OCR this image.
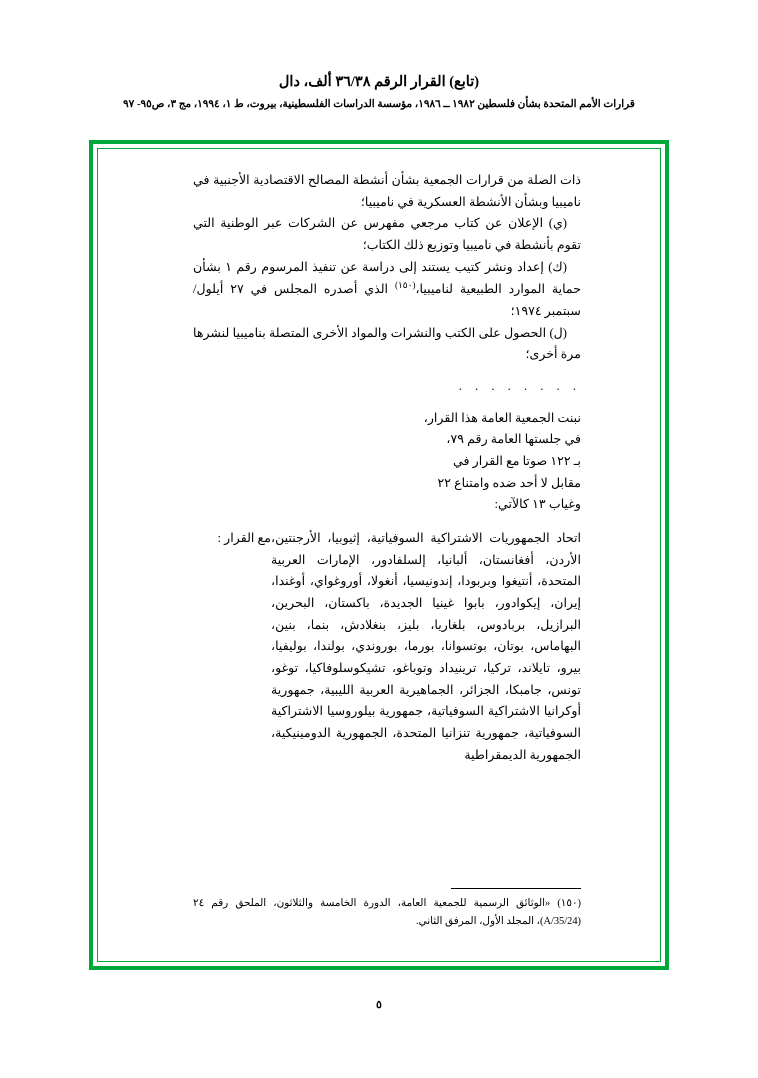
(تابع) القرار الرقم ٣٦/٣٨ ألف، دال
قرارات الأمم المتحدة بشأن فلسطين ١٩٨٢ ــ ١٩٨٦، مؤسسة الدراسات الفلسطينية، بيروت، ط ١، ١٩٩٤، مج ٣، ص٩٥- ٩٧

ذات الصلة من قرارات الجمعية بشأن أنشطة المصالح الاقتصادية الأجنبية في ناميبيا وبشأن الأنشطة العسكرية في ناميبيا؛

(ي) الإعلان عن كتاب مرجعي مفهرس عن الشركات عبر الوطنية التي تقوم بأنشطة في ناميبيا وتوزيع ذلك الكتاب؛

(ك) إعداد ونشر كتيب يستند إلى دراسة عن تنفيذ المرسوم رقم ١ بشأن حماية الموارد الطبيعية لناميبيا،$^{(١٥٠)}$ الذي أصدره المجلس في ٢٧ أيلول/ سبتمبر ١٩٧٤؛

(ل) الحصول على الكتب والنشرات والمواد الأخرى المتصلة بناميبيا لنشرها مرة أخرى؛

. . . . . . . .

نبنت الجمعية العامة هذا القرار،

في جلستها العامة رقم ٧٩،

بـ ١٢٢ صوتا مع القرار في

مقابل لا أحد ضده وامتناع ٢٢

وغياب ١٣ كالآتي:

مع القرار : اتحاد الجمهوريات الاشتراكية السوفياتية، إثيوبيا، الأرجنتين، الأردن، أفغانستان، ألبانيا، إلسلفادور، الإمارات العربية المتحدة، أنتيغوا وبربودا، إندونيسيا، أنغولا، أوروغواي، أوغندا، إيران، إيكوادور، بابوا غينيا الجديدة، باكستان، البحرين، البرازيل، بربادوس، بلغاريا، بليز، بنغلادش، بنما، بنين، البهاماس، بوتان، بوتسوانا، بورما، بوروندي، بولندا، بوليفيا، بيرو، تايلاند، تركيا، ترينيداد وتوباغو، تشيكوسلوفاكيا، توغو، تونس، جامبكا، الجزائر، الجماهيرية العربية الليبية، جمهورية أوكرانيا الاشتراكية السوفياتية، جمهورية بيلوروسيا الاشتراكية السوفياتية، جمهورية تنزانيا المتحدة، الجمهورية الدومينيكية، الجمهورية الديمقراطية
(١٥٠) «الوثائق الرسمية للجمعية العامة، الدورة الخامسة والثلاثون، الملحق رقم ٢٤ (A/35/24)، المجلد الأول، المرفق الثاني.
٥
